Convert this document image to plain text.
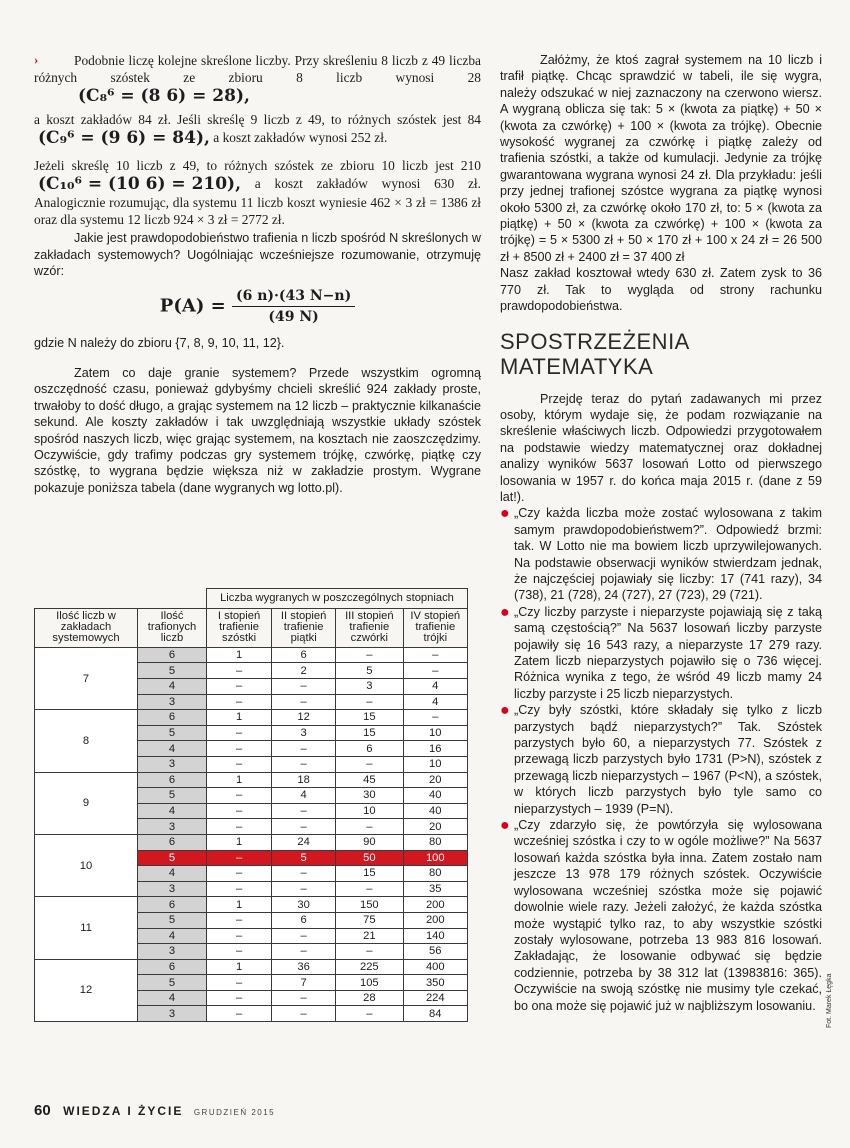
›	Podobnie liczę kolejne skreślone liczby. Przy skreśleniu 8 liczb z 49 liczba różnych szóstek ze zbioru 8 liczb wynosi 28 (C₈⁶ = (8 6) = 28),

a koszt zakładów 84 zł. Jeśli skreślę 9 liczb z 49, to różnych szóstek jest 84 (C₉⁶ = (9 6) = 84), a koszt zakładów wynosi 252 zł.

Jeżeli skreślę 10 liczb z 49, to różnych szóstek ze zbioru 10 liczb jest 210 (C₁₀⁶ = (10 6) = 210), a koszt zakładów wynosi 630 zł. Analogicznie rozumując, dla systemu 11 liczb koszt wyniesie 462 × 3 zł = 1386 zł oraz dla systemu 12 liczb 924 × 3 zł = 2772 zł.

Jakie jest prawdopodobieństwo trafienia n liczb spośród N skreślonych w zakładach systemowych? Uogólniając wcześniejsze rozumowanie, otrzymuję wzór:

$P(A) = \frac{(6 n)\cdot(43 N-n)}{(49 N)}$

gdzie N należy do zbioru {7, 8, 9, 10, 11, 12}.

Zatem co daje granie systemem? Przede wszystkim ogromną oszczędność czasu, ponieważ gdybyśmy chcieli skreślić 924 zakłady proste, trwałoby to dość długo, a grając systemem na 12 liczb – praktycznie kilkanaście sekund. Ale koszty zakładów i tak uwzględniają wszystkie układy szóstek spośród naszych liczb, więc grając systemem, na kosztach nie zaoszczędzimy. Oczywiście, gdy trafimy podczas gry systemem trójkę, czwórkę, piątkę czy szóstkę, to wygrana będzie większa niż w zakładzie prostym. Wygrane pokazuje poniższa tabela (dane wygranych wg lotto.pl).

		Liczba wygranych w poszczególnych stopniach			
Ilość liczb w zakładach systemowych	Ilość trafionych liczb	I stopień trafienie szóstki	II stopień trafienie piątki	III stopień trafienie czwórki	IV stopień trafienie trójki
7	6	1	6	–	–
	5	–	2	5	–
	4	–	–	3	4
	3	–	–	–	4
8	6	1	12	15	–
	5	–	3	15	10
	4	–	–	6	16
	3	–	–	–	10
9	6	1	18	45	20
	5	–	4	30	40
	4	–	–	10	40
	3	–	–	–	20
10	6	1	24	90	80
	5	–	5	50	100
	4	–	–	15	80
	3	–	–	–	35
11	6	1	30	150	200
	5	–	6	75	200
	4	–	–	21	140
	3	–	–	–	56
12	6	1	36	225	400
	5	–	7	105	350
	4	–	–	28	224
	3	–	–	–	84

Załóżmy, że ktoś zagrał systemem na 10 liczb i trafił piątkę. Chcąc sprawdzić w tabeli, ile się wygra, należy odszukać w niej zaznaczony na czerwono wiersz. A wygraną oblicza się tak: 5 × (kwota za piątkę) + 50 × (kwota za czwórkę) + 100 × (kwota za trójkę). Obecnie wysokość wygranej za czwórkę i piątkę zależy od trafienia szóstki, a także od kumulacji. Jedynie za trójkę gwarantowana wygrana wynosi 24 zł. Dla przykładu: jeśli przy jednej trafionej szóstce wygrana za piątkę wynosi około 5300 zł, za czwórkę około 170 zł, to: 5 × (kwota za piątkę) + 50 × (kwota za czwórkę) + 100 × (kwota za trójkę) = 5 × 5300 zł + 50 × 170 zł + 100 x 24 zł = 26 500 zł + 8500 zł + 2400 zł = 37 400 zł

Nasz zakład kosztował wtedy 630 zł. Zatem zysk to 36 770 zł. Tak to wygląda od strony rachunku prawdopodobieństwa.

SPOSTRZEŻENIA MATEMATYKA

Przejdę teraz do pytań zadawanych mi przez osoby, którym wydaje się, że podam rozwiązanie na skreślenie właściwych liczb. Odpowiedzi przygotowałem na podstawie wiedzy matematycznej oraz dokładnej analizy wyników 5637 losowań Lotto od pierwszego losowania w 1957 r. do końca maja 2015 r. (dane z 59 lat!).

● „Czy każda liczba może zostać wylosowana z takim samym prawdopodobieństwem?”. Odpowiedź brzmi: tak. W Lotto nie ma bowiem liczb uprzywilejowanych. Na podstawie obserwacji wyników stwierdzam jednak, że najczęściej pojawiały się liczby: 17 (741 razy), 34 (738), 21 (728), 24 (727), 27 (723), 29 (721).

● „Czy liczby parzyste i nieparzyste pojawiają się z taką samą częstością?” Na 5637 losowań liczby parzyste pojawiły się 16 543 razy, a nieparzyste 17 279 razy. Zatem liczb nieparzystych pojawiło się o 736 więcej. Różnica wynika z tego, że wśród 49 liczb mamy 24 liczby parzyste i 25 liczb nieparzystych.

● „Czy były szóstki, które składały się tylko z liczb parzystych bądź nieparzystych?” Tak. Szóstek parzystych było 60, a nieparzystych 77. Szóstek z przewagą liczb parzystych było 1731 (P>N), szóstek z przewagą liczb nieparzystych – 1967 (P<N), a szóstek, w których liczb parzystych było tyle samo co nieparzystych – 1939 (P=N).

● „Czy zdarzyło się, że powtórzyła się wylosowana wcześniej szóstka i czy to w ogóle możliwe?” Na 5637 losowań każda szóstka była inna. Zatem zostało nam jeszcze 13 978 179 różnych szóstek. Oczywiście wylosowana wcześniej szóstka może się pojawić dowolnie wiele razy. Jeżeli założyć, że każda szóstka może wystąpić tylko raz, to aby wszystkie szóstki zostały wylosowane, potrzeba 13 983 816 losowań. Zakładając, że losowanie odbywać się będzie codziennie, potrzeba by 38 312 lat (13983816: 365). Oczywiście na swoją szóstkę nie musimy tyle czekać, bo ona może się pojawić już w najbliższym losowaniu.

60 WIEDZA I ŻYCIE GRUDZIEŃ 2015
Fot. Marek Łęgka
